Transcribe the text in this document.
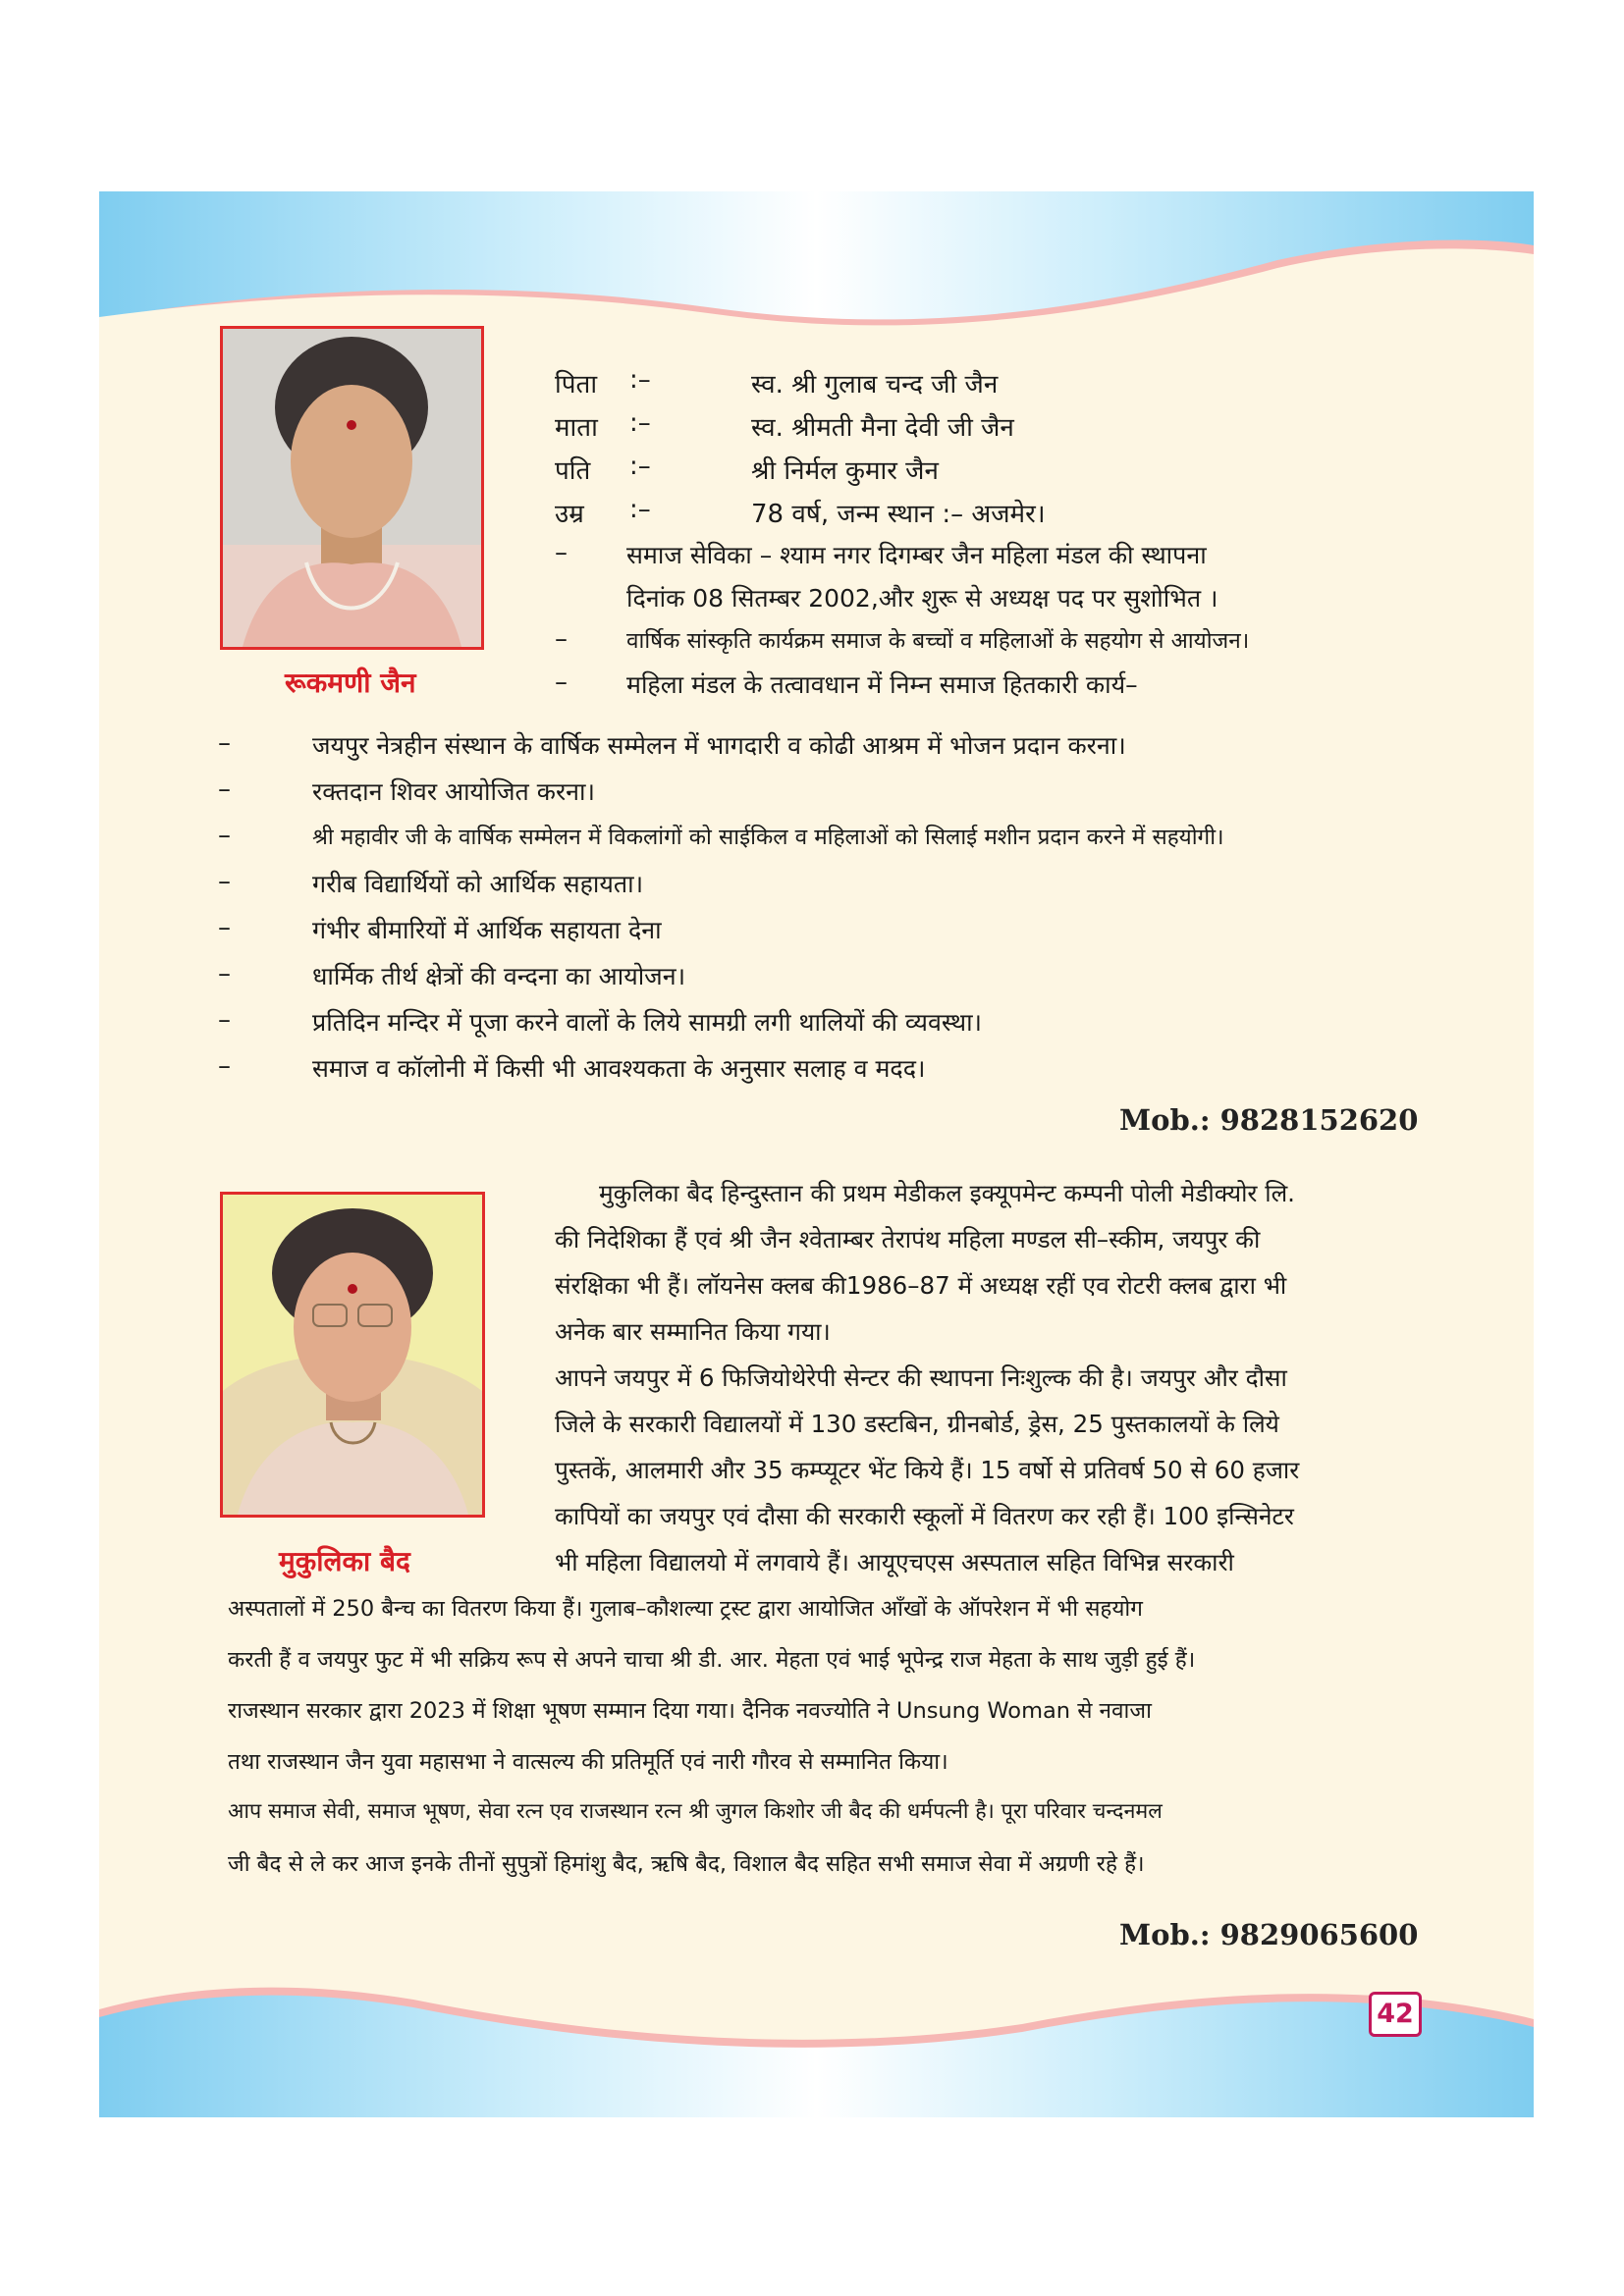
पिता :–	स्व. श्री गुलाब चन्द जी जैन
माता :–	स्व. श्रीमती मैना देवी जी जैन
पति :–	श्री निर्मल कुमार जैन
उम्र :–	78 वर्ष, जन्म स्थान :– अजमेर।
– समाज सेविका – श्याम नगर दिगम्बर जैन महिला मंडल की स्थापना
दिनांक 08 सितम्बर 2002,और शुरू से अध्यक्ष पद पर सुशोभित ।
–	वार्षिक सांस्कृति कार्यक्रम समाज के बच्चों व महिलाओं के सहयोग से आयोजन।
– महिला मंडल के तत्वावधान में निम्न समाज हितकारी कार्य–
रूकमणी जैन
–	जयपुर नेत्रहीन संस्थान के वार्षिक सम्मेलन में भागदारी व कोढी आश्रम में भोजन प्रदान करना।
–	रक्तदान शिवर आयोजित करना।
–	श्री महावीर जी के वार्षिक सम्मेलन में विकलांगों को साईकिल व महिलाओं को सिलाई मशीन प्रदान करने में सहयोगी।
–	गरीब विद्यार्थियों को आर्थिक सहायता।
–	गंभीर बीमारियों में आर्थिक सहायता देना
–	धार्मिक तीर्थ क्षेत्रों की वन्दना का आयोजन।
–	प्रतिदिन मन्दिर में पूजा करने वालों के लिये सामग्री लगी थालियों की व्यवस्था।
–	समाज व कॉलोनी में किसी भी आवश्यकता के अनुसार सलाह व मदद।
Mob.: 9828152620
मुकुलिका बैद हिन्दुस्तान की प्रथम मेडीकल इक्यूपमेन्ट कम्पनी पोली मेडीक्योर लि.
की निदेशिका हैं एवं श्री जैन श्वेताम्बर तेरापंथ महिला मण्डल सी–स्कीम, जयपुर की
संरक्षिका भी हैं। लॉयनेस क्लब की1986–87 में अध्यक्ष रहीं एव रोटरी क्लब द्वारा भी
अनेक बार सम्मानित किया गया।
आपने जयपुर में 6 फिजियोथेरेपी सेन्टर की स्थापना निःशुल्क की है। जयपुर और दौसा
जिले के सरकारी विद्यालयों में 130 डस्टबिन, ग्रीनबोर्ड, ड्रेस, 25 पुस्तकालयों के लिये
पुस्तकें, आलमारी और 35 कम्प्यूटर भेंट किये हैं। 15 वर्षो से प्रतिवर्ष 50 से 60 हजार
कापियों का जयपुर एवं दौसा की सरकारी स्कूलों में वितरण कर रही हैं। 100 इन्सिनेटर
भी महिला विद्यालयो में लगवाये हैं। आयूएचएस अस्पताल सहित विभिन्न सरकारी
मुकुलिका बैद
अस्पतालों में 250 बैन्च का वितरण किया हैं। गुलाब–कौशल्या ट्रस्ट द्वारा आयोजित आँखों के ऑपरेशन में भी सहयोग
करती हैं व जयपुर फुट में भी सक्रिय रूप से अपने चाचा श्री डी. आर. मेहता एवं भाई भूपेन्द्र राज मेहता के साथ जुड़ी हुई हैं।
राजस्थान सरकार द्वारा 2023 में शिक्षा भूषण सम्मान दिया गया। दैनिक नवज्योति ने Unsung Woman से नवाजा
तथा राजस्थान जैन युवा महासभा ने वात्सल्य की प्रतिमूर्ति एवं नारी गौरव से सम्मानित किया।
आप समाज सेवी, समाज भूषण, सेवा रत्न एव राजस्थान रत्न श्री जुगल किशोर जी बैद की धर्मपत्नी है। पूरा परिवार चन्दनमल
जी बैद से ले कर आज इनके तीनों सुपुत्रों हिमांशु बैद, ऋषि बैद, विशाल बैद सहित सभी समाज सेवा में अग्रणी रहे हैं।
Mob.: 9829065600
42
